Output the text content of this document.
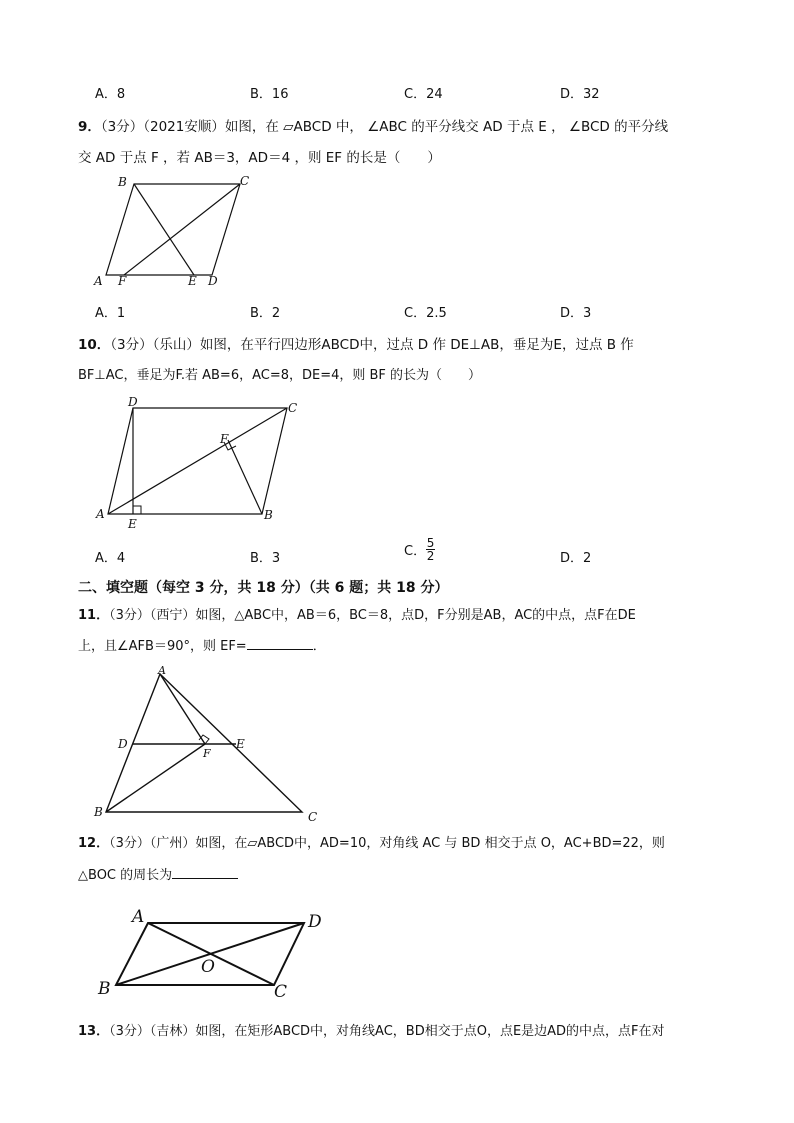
A．8	B．16	C．24	D．32
9．（3分）（2021安顺）如图，在 ▱ABCD 中， ∠ABC 的平分线交 AD 于点 E ， ∠BCD 的平分线
交 AD 于点 F ，若 AB＝3，AD＝4 ，则 EF 的长是（　　）
B	C
A F	E D
A．1	B．2	C．2.5	D．3
10．（3分）（乐山）如图，在平行四边形ABCD中，过点 D 作 DE⊥AB，垂足为E，过点 B 作
BF⊥AC，垂足为F.若 AB=6，AC=8，DE=4，则 BF 的长为（　　）
D	C
F
A
E
B
A．4	B．3	C． $\frac{5}{2}$	D．2
二、填空题（每空 3 分，共 18 分）（共 6 题；共 18 分）
11．（3分）（西宁）如图，△ABC中，AB＝6，BC＝8，点D，F分别是AB，AC的中点，点F在DE
上，且∠AFB＝90°，则 EF=	．
A
D	E
F
B	C
12．（3分）（广州）如图，在▱ABCD中，AD=10，对角线 AC 与 BD 相交于点 O，AC+BD=22，则
△BOC 的周长为
A	D
O
B	C
13．（3分）（吉林）如图，在矩形ABCD中，对角线AC，BD相交于点O，点E是边AD的中点，点F在对
